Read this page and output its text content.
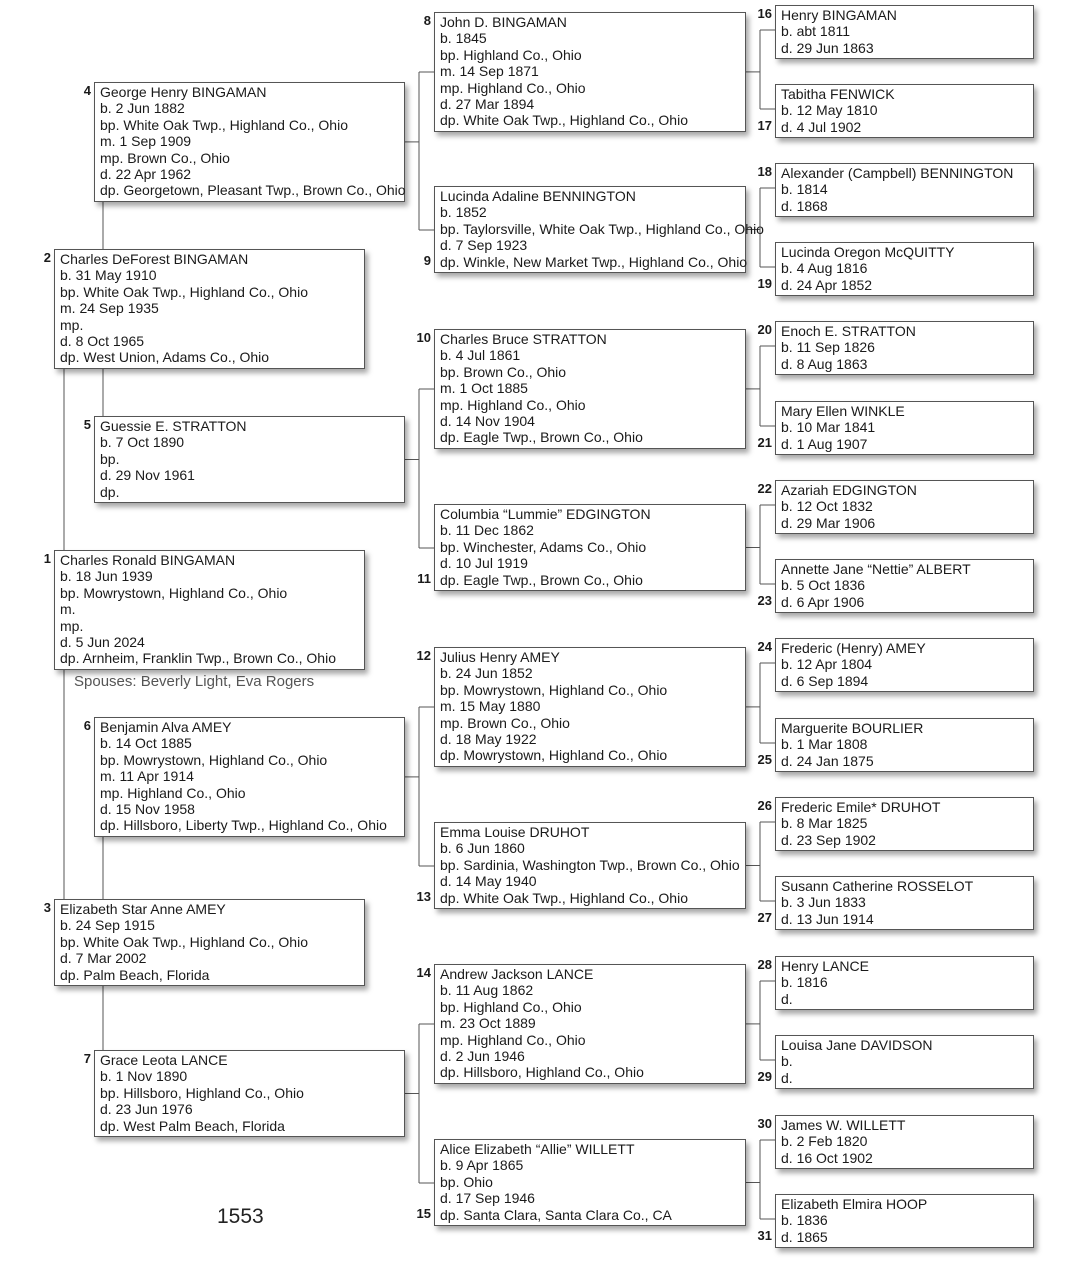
Charles Ronald BINGAMAN
b. 18 Jun 1939
bp. Mowrystown, Highland Co., Ohio
m.
mp.
d. 5 Jun 2024
dp. Arnheim, Franklin Twp., Brown Co., Ohio
1
Charles DeForest BINGAMAN
b. 31 May 1910
bp. White Oak Twp., Highland Co., Ohio
m. 24 Sep 1935
mp.
d. 8 Oct 1965
dp. West Union, Adams Co., Ohio
2
Elizabeth Star Anne AMEY
b. 24 Sep 1915
bp. White Oak Twp., Highland Co., Ohio
d. 7 Mar 2002
dp. Palm Beach, Florida
3
George Henry BINGAMAN
b. 2 Jun 1882
bp. White Oak Twp., Highland Co., Ohio
m. 1 Sep 1909
mp. Brown Co., Ohio
d. 22 Apr 1962
dp. Georgetown, Pleasant Twp., Brown Co., Ohio
4
Guessie E. STRATTON
b. 7 Oct 1890
bp.
d. 29 Nov 1961
dp.
5
Benjamin Alva AMEY
b. 14 Oct 1885
bp. Mowrystown, Highland Co., Ohio
m. 11 Apr 1914
mp. Highland Co., Ohio
d. 15 Nov 1958
dp. Hillsboro, Liberty Twp., Highland Co., Ohio
6
Grace Leota LANCE
b. 1 Nov 1890
bp. Hillsboro, Highland Co., Ohio
d. 23 Jun 1976
dp. West Palm Beach, Florida
7
John D. BINGAMAN
b. 1845
bp. Highland Co., Ohio
m. 14 Sep 1871
mp. Highland Co., Ohio
d. 27 Mar 1894
dp. White Oak Twp., Highland Co., Ohio
8
Lucinda Adaline BENNINGTON
b. 1852
bp. Taylorsville, White Oak Twp., Highland Co., Ohio
d. 7 Sep 1923
dp. Winkle, New Market Twp., Highland Co., Ohio
9
Charles Bruce STRATTON
b. 4 Jul 1861
bp. Brown Co., Ohio
m. 1 Oct 1885
mp. Highland Co., Ohio
d. 14 Nov 1904
dp. Eagle Twp., Brown Co., Ohio
10
Columbia “Lummie” EDGINGTON
b. 11 Dec 1862
bp. Winchester, Adams Co., Ohio
d. 10 Jul 1919
dp. Eagle Twp., Brown Co., Ohio
11
Julius Henry AMEY
b. 24 Jun 1852
bp. Mowrystown, Highland Co., Ohio
m. 15 May 1880
mp. Brown Co., Ohio
d. 18 May 1922
dp. Mowrystown, Highland Co., Ohio
12
Emma Louise DRUHOT
b. 6 Jun 1860
bp. Sardinia, Washington Twp., Brown Co., Ohio
d. 14 May 1940
dp. White Oak Twp., Highland Co., Ohio
13
Andrew Jackson LANCE
b. 11 Aug 1862
bp. Highland Co., Ohio
m. 23 Oct 1889
mp. Highland Co., Ohio
d. 2 Jun 1946
dp. Hillsboro, Highland Co., Ohio
14
Alice Elizabeth “Allie” WILLETT
b. 9 Apr 1865
bp. Ohio
d. 17 Sep 1946
dp. Santa Clara, Santa Clara Co., CA
15
Henry BINGAMAN
b. abt 1811
d. 29 Jun 1863
16
Tabitha FENWICK
b. 12 May 1810
d. 4 Jul 1902
17
Alexander (Campbell) BENNINGTON
b. 1814
d. 1868
18
Lucinda Oregon McQUITTY
b. 4 Aug 1816
d. 24 Apr 1852
19
Enoch E. STRATTON
b. 11 Sep 1826
d. 8 Aug 1863
20
Mary Ellen WINKLE
b. 10 Mar 1841
d. 1 Aug 1907
21
Azariah EDGINGTON
b. 12 Oct 1832
d. 29 Mar 1906
22
Annette Jane “Nettie” ALBERT
b. 5 Oct 1836
d. 6 Apr 1906
23
Frederic (Henry) AMEY
b. 12 Apr 1804
d. 6 Sep 1894
24
Marguerite BOURLIER
b. 1 Mar 1808
d. 24 Jan 1875
25
Frederic Emile* DRUHOT
b. 8 Mar 1825
d. 23 Sep 1902
26
Susann Catherine ROSSELOT
b. 3 Jun 1833
d. 13 Jun 1914
27
Henry LANCE
b. 1816
d.
28
Louisa Jane DAVIDSON
b.
d.
29
James W. WILLETT
b. 2 Feb 1820
d. 16 Oct 1902
30
Elizabeth Elmira HOOP
b. 1836
d. 1865
31
Spouses: Beverly Light, Eva Rogers
1553
